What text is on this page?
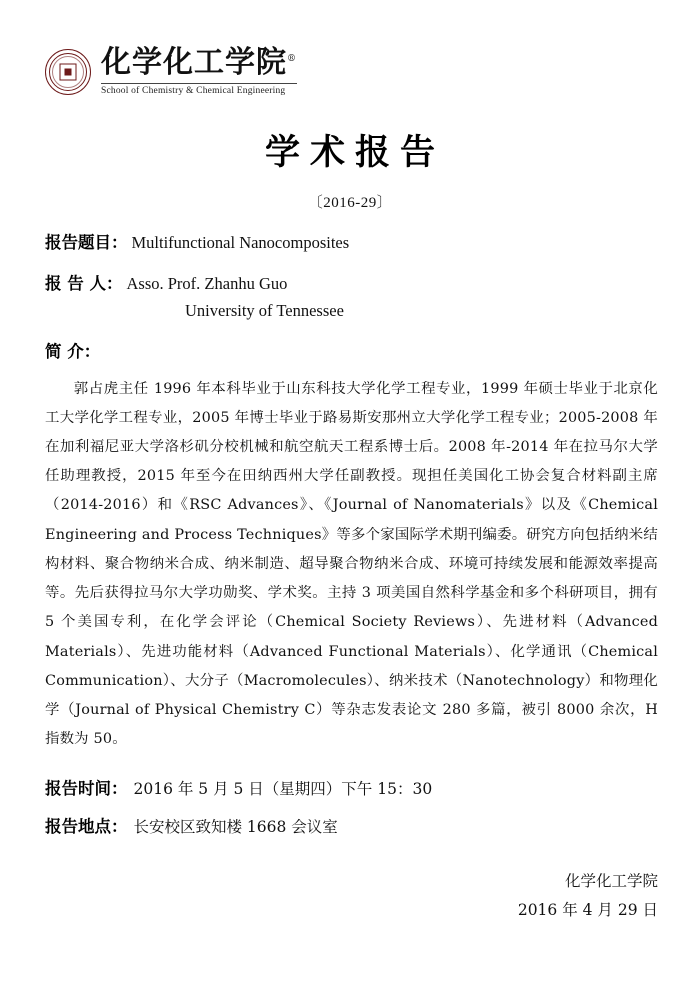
化学化工学院®
School of Chemistry & Chemical Engineering
学术报告
〔2016-29〕
报告题目： Multifunctional Nanocomposites
报 告 人： Asso. Prof. Zhanhu Guo
University of Tennessee
简 介：
郭占虎主任 1996 年本科毕业于山东科技大学化学工程专业，1999 年硕士毕业于北京化工大学化学工程专业，2005 年博士毕业于路易斯安那州立大学化学工程专业；2005-2008 年在加利福尼亚大学洛杉矶分校机械和航空航天工程系博士后。2008 年-2014 年在拉马尔大学任助理教授，2015 年至今在田纳西州大学任副教授。现担任美国化工协会复合材料副主席（2014-2016）和《RSC Advances》、《Journal of Nanomaterials》以及《Chemical Engineering and Process Techniques》等多个家国际学术期刊编委。研究方向包括纳米结构材料、聚合物纳米合成、纳米制造、超导聚合物纳米合成、环境可持续发展和能源效率提高等。先后获得拉马尔大学功勋奖、学术奖。主持 3 项美国自然科学基金和多个科研项目，拥有 5 个美国专利，在化学会评论（Chemical Society Reviews）、先进材料（Advanced Materials）、先进功能材料（Advanced Functional Materials）、化学通讯（Chemical Communication）、大分子（Macromolecules）、纳米技术（Nanotechnology）和物理化学（Journal of Physical Chemistry C）等杂志发表论文 280 多篇，被引 8000 余次，H 指数为 50。
报告时间： 2016 年 5 月 5 日（星期四）下午 15：30
报告地点： 长安校区致知楼 1668 会议室
化学化工学院
2016 年 4 月 29 日
